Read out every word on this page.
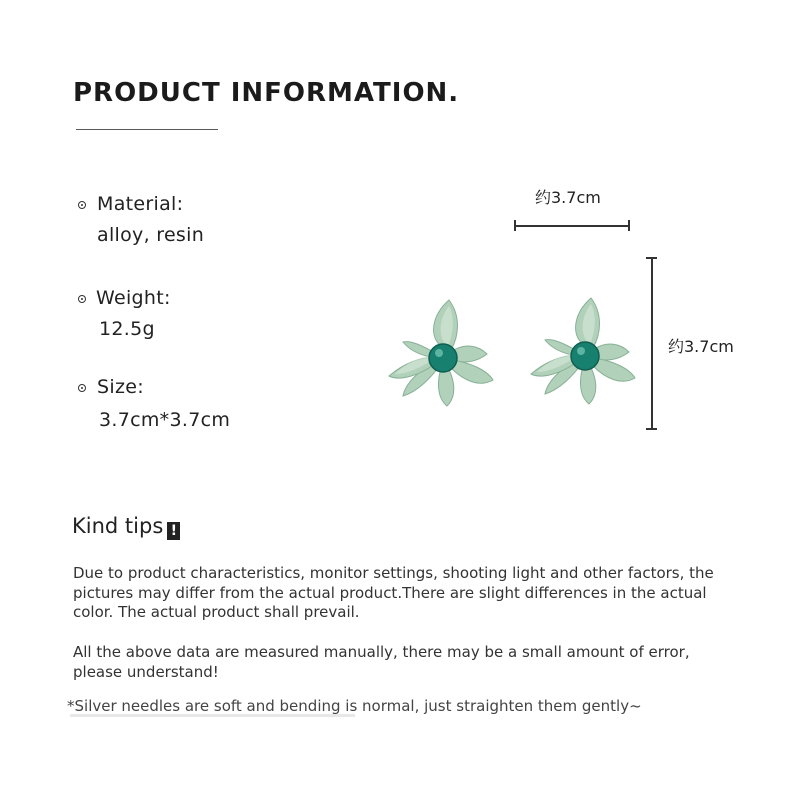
PRODUCT INFORMATION.
Material:
alloy, resin
Weight:
12.5g
Size:
3.7cm*3.7cm
约3.7cm
约3.7cm
Kind tips !
Due to product characteristics, monitor settings, shooting light and other factors, the pictures may differ from the actual product.There are slight differences in the actual color. The actual product shall prevail.
All the above data are measured manually, there may be a small amount of error, please understand!
*Silver needles are soft and bending is normal, just straighten them gently~
